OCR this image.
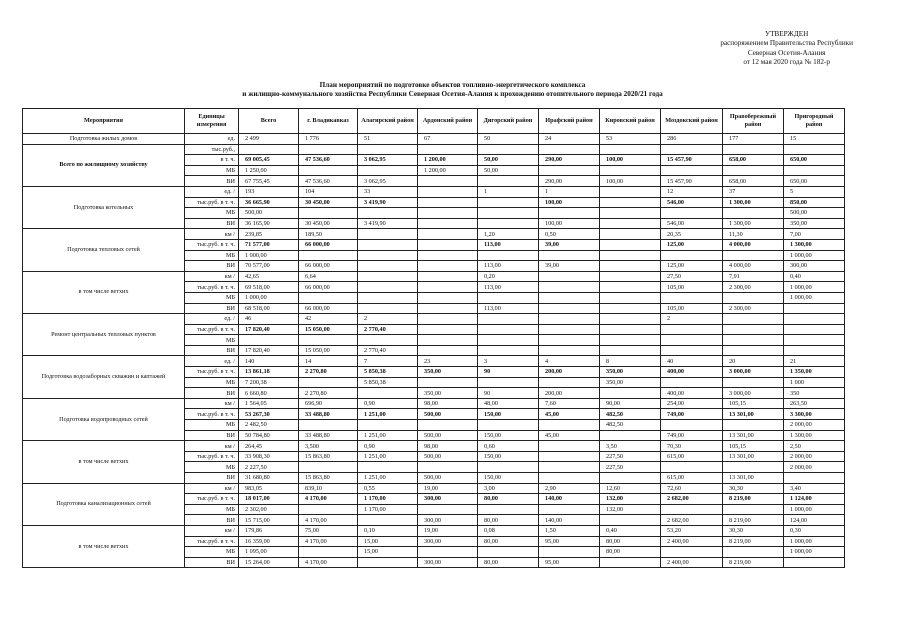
УТВЕРЖДЕН
распоряжением Правительства Республики
Северная Осетия-Алания
от 12 мая 2020 года № 182-р
План мероприятий по подготовке объектов топливно-энергетического комплекса
и жилищно-коммунального хозяйства Республики Северная Осетия-Алания к прохождению отопительного периода 2020/21 года
Мероприятия	Единицы измерения	Всего	г. Владикавказ	Алагирский район	Ардонский район	Дигорский район	Ирафский район	Кировский район	Моздокский район	Правобережный район	Пригородный район
Подготовка жилых домов	ед.	2 499	1 776	51	67	50	24	53	286	177	15
Всего по жилищному хозяйству	тыс.руб.,										
	в т. ч.	69 005,45	47 536,60	3 062,95	1 200,00	50,00	290,00	100,00	15 457,90	658,00	650,00
	МБ	1 250,00			1 200,00	50,00					
	ВИ	67 755,45	47 536,60	3 062,95			290,00	100,00	15 457,90	658,00	650,00
Подготовка котельных	ед. /	193	104	33		1	1		12	37	5
	тыс.руб. в т. ч.	36 665,90	30 450,00	3 419,90			100,00		546,00	1 300,00	850,00
	МБ	500,00									500,00
	ВИ	36 165,90	30 450,00	3 419,90			100,00		546,00	1 300,00	350,00
Подготовка тепловых сетей	км /	239,85	189,50			1,20	0,50		20,35	11,30	7,00
	тыс.руб. в т. ч.	71 577,00	66 000,00			113,00	39,00		125,00	4 000,00	1 300,00
	МБ	1 000,00									1 000,00
	ВИ	70 577,00	66 000,00			113,00	39,00		125,00	4 000,00	300,00
в том числе ветхих	км /	42,65	6,64			0,20			27,50	7,91	0,40
	тыс.руб. в т. ч.	69 518,00	66 000,00			113,00			105,00	2 300,00	1 000,00
	МБ	1 000,00									1 000,00
	ВИ	68 518,00	66 000,00			113,00			105,00	2 300,00	
Ремонт центральных тепловых пунктов	ед. /	46	42	2					2		
	тыс.руб. в т. ч.	17 820,40	15 050,00	2 770,40							
	МБ										
	ВИ	17 820,40	15 050,00	2 770,40							
Подготовка водозаборных скважин и каптажей	ед. /	140	14	7	23	3	4	8	40	20	21
	тыс.руб. в т. ч.	13 861,18	2 270,80	5 850,38	350,00	90	200,00	350,00	400,00	3 000,00	1 350,00
	МБ	7 200,38		5 850,38				350,00			1 000
	ВИ	6 660,80	2 270,80		350,00	90	200,00		400,00	3 000,00	350
Подготовка водопроводных сетей	км /	1 564,05	696,90	0,90	98,00	48,00	7,60	90,00	254,00	105,15	263,50
	тыс.руб. в т. ч.	53 267,30	33 488,80	1 251,00	500,00	150,00	45,00	482,50	749,00	13 301,00	3 300,00
	МБ	2 482,50						482,50			2 000,00
	ВИ	50 784,80	33 488,80	1 251,00	500,00	150,00	45,00		749,00	13 301,00	1 300,00
в том числе ветхих	км /	264,45	3,500	0,90	98,00	0,60		3,50	70,30	105,15	2,50
	тыс.руб. в т. ч.	33 908,30	15 863,80	1 251,00	500,00	150,00		227,50	615,00	13 301,00	2 000,00
	МБ	2 227,50						227,50			2 000,00
	ВИ	31 680,80	15 863,80	1 251,00	500,00	150,00			615,00	13 301,00	
Подготовка канализационных сетей	км /	983,05	839,10	0,55	19,00	3,00	2,90	12,60	72,60	30,30	3,40
	тыс.руб. в т. ч.	18 017,00	4 170,00	1 170,00	300,00	80,00	140,00	132,00	2 682,00	8 219,00	1 124,00
	МБ	2 302,00		1 170,00				132,00			1 000,00
	ВИ	15 715,00	4 170,00		300,00	80,00	140,00		2 682,00	8 219,00	124,00
в том числе ветхих	км /	179,86	75,00	0,10	19,00	0,08	1,50	0,40	53,20	30,30	0,30
	тыс.руб. в т. ч.	16 359,00	4 170,00	15,00	300,00	80,00	95,00	80,00	2 400,00	8 219,00	1 000,00
	МБ	1 095,00		15,00				80,00			1 000,00
	ВИ	15 264,00	4 170,00		300,00	80,00	95,00		2 400,00	8 219,00	
